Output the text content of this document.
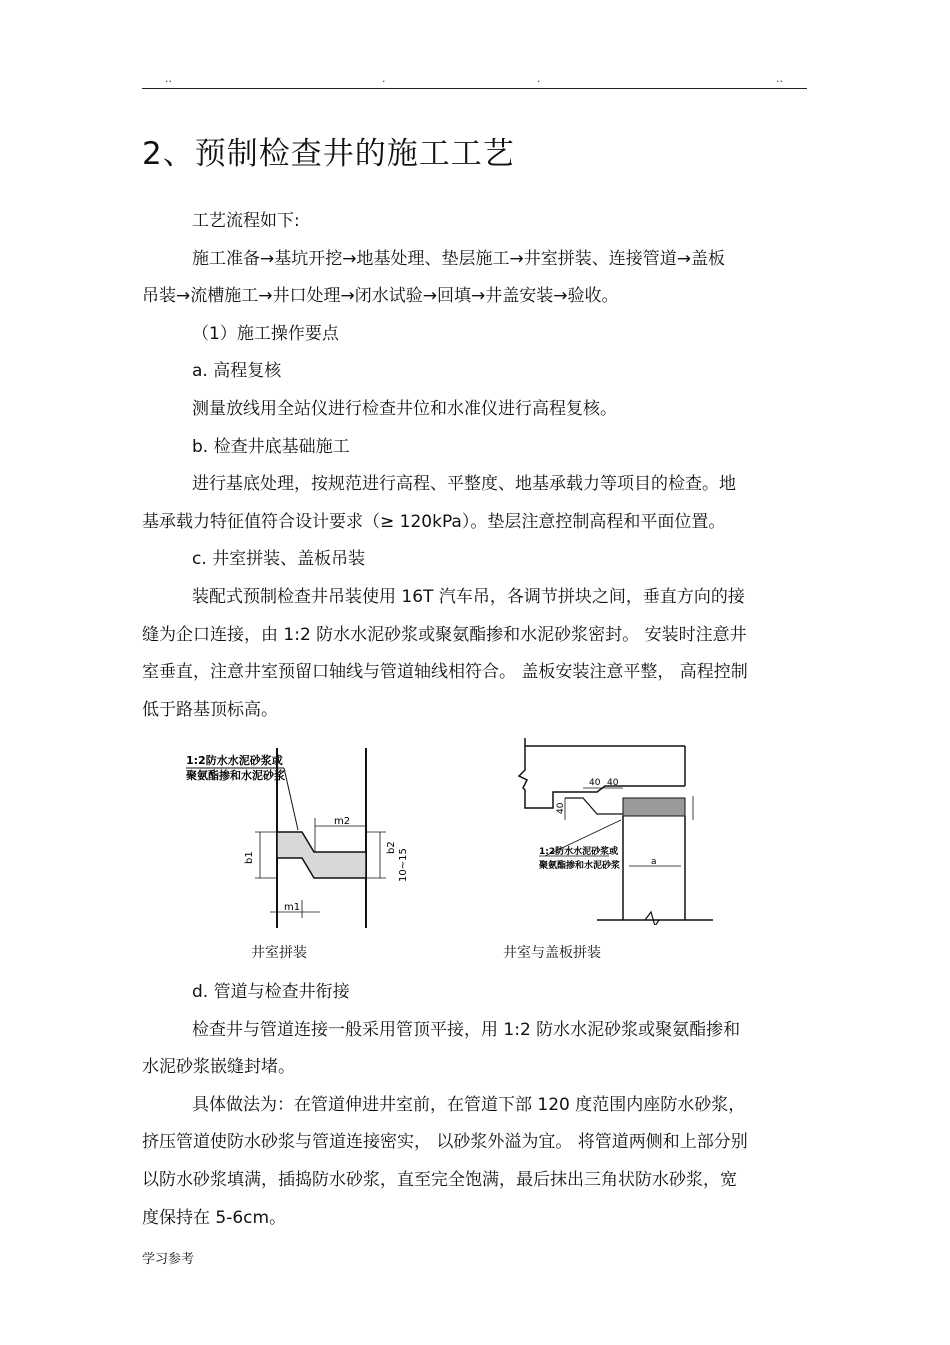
..	.	.	..
2、预制检查井的施工工艺
工艺流程如下:
施工准备→基坑开挖→地基处理、垫层施工→井室拼装、连接管道→盖板
吊装→流槽施工→井口处理→闭水试验→回填→井盖安装→验收。
（1）施工操作要点
a. 高程复核
测量放线用全站仪进行检查井位和水准仪进行高程复核。
b. 检查井底基础施工
进行基底处理，按规范进行高程、平整度、地基承载力等项目的检查。地
基承载力特征值符合设计要求（≥ 120kPa）。垫层注意控制高程和平面位置。
c. 井室拼装、盖板吊装
装配式预制检查井吊装使用 16T 汽车吊，各调节拼块之间，垂直方向的接
缝为企口连接，由 1:2 防水水泥砂浆或聚氨酯掺和水泥砂浆密封。 安装时注意井
室垂直，注意井室预留口轴线与管道轴线相符合。 盖板安装注意平整， 高程控制
低于路基顶标高。
1:2防水水泥砂浆或
聚氨酯掺和水泥砂浆
m2
b1
b2
10~15
m1
井室拼装
40 40
40
a
1:2防水水泥砂浆或
聚氨酯掺和水泥砂浆
井室与盖板拼装
d. 管道与检查井衔接
检查井与管道连接一般采用管顶平接，用 1:2 防水水泥砂浆或聚氨酯掺和
水泥砂浆嵌缝封堵。
具体做法为：在管道伸进井室前，在管道下部 120 度范围内座防水砂浆，
挤压管道使防水砂浆与管道连接密实， 以砂浆外溢为宜。 将管道两侧和上部分别
以防水砂浆填满，插捣防水砂浆，直至完全饱满，最后抹出三角状防水砂浆，宽
度保持在 5-6cm。
学习参考
